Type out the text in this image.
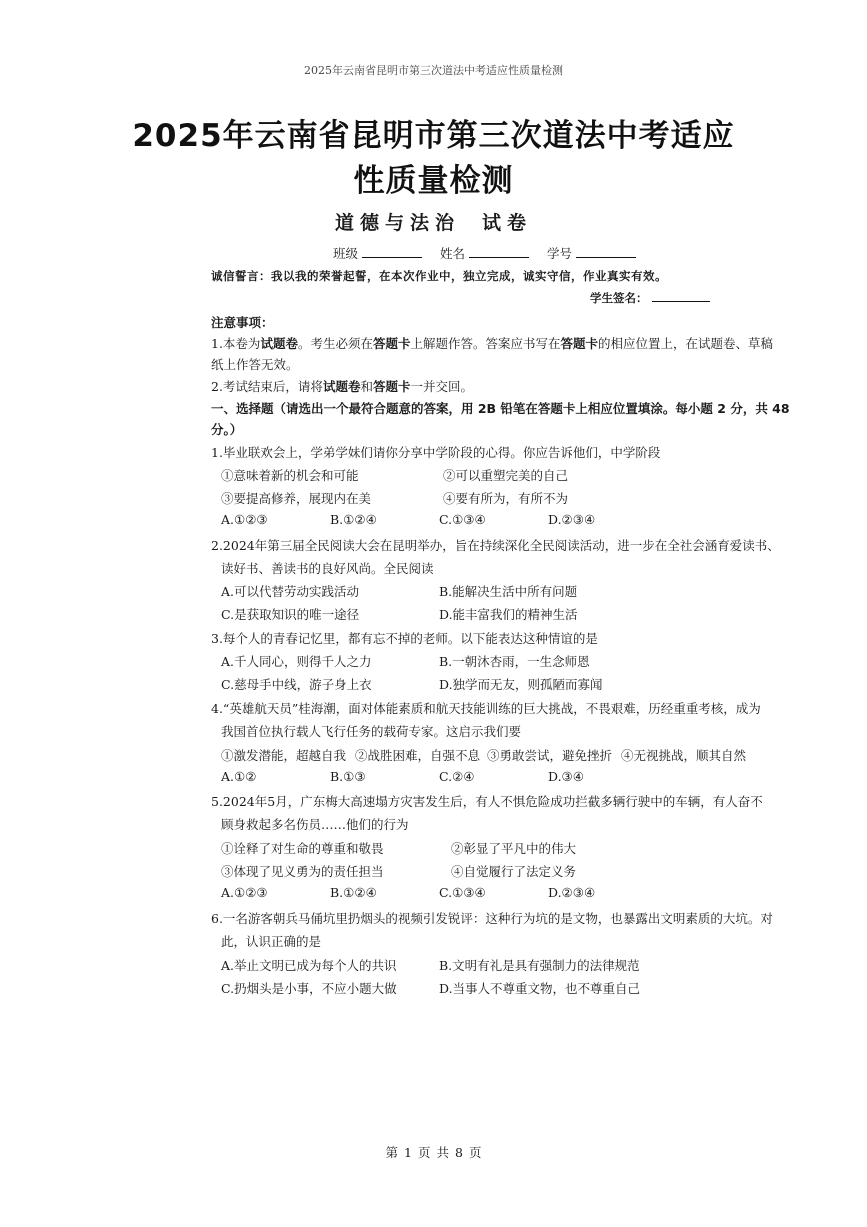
2025年云南省昆明市第三次道法中考适应性质量检测
2025年云南省昆明市第三次道法中考适应
性质量检测
道德与法治 试卷
班级	姓名	学号
诚信誓言：我以我的荣誉起誓，在本次作业中，独立完成，诚实守信，作业真实有效。
学生签名：
注意事项：
1.本卷为试题卷。考生必须在答题卡上解题作答。答案应书写在答题卡的相应位置上，在试题卷、草稿
纸上作答无效。
2.考试结束后，请将试题卷和答题卡一并交回。
一、选择题（请选出一个最符合题意的答案，用 2B 铅笔在答题卡上相应位置填涂。每小题 2 分，共 48
分。）
1.毕业联欢会上，学弟学妹们请你分享中学阶段的心得。你应告诉他们，中学阶段
①意味着新的机会和可能	②可以重塑完美的自己
③要提高修养，展现内在美	④要有所为，有所不为
A.①②③	B.①②④	C.①③④	D.②③④
2.2024年第三届全民阅读大会在昆明举办，旨在持续深化全民阅读活动，进一步在全社会涵育爱读书、
读好书、善读书的良好风尚。全民阅读
A.可以代替劳动实践活动	B.能解决生活中所有问题
C.是获取知识的唯一途径	D.能丰富我们的精神生活
3.每个人的青春记忆里，都有忘不掉的老师。以下能表达这种情谊的是
A.千人同心，则得千人之力	B.一朝沐杏雨，一生念师恩
C.慈母手中线，游子身上衣	D.独学而无友，则孤陋而寡闻
4.“英雄航天员”桂海潮，面对体能素质和航天技能训练的巨大挑战，不畏艰难，历经重重考核，成为
我国首位执行载人飞行任务的载荷专家。这启示我们要
①激发潜能，超越自我 ②战胜困难，自强不息 ③勇敢尝试，避免挫折 ④无视挑战，顺其自然
A.①②	B.①③	C.②④	D.③④
5.2024年5月，广东梅大高速塌方灾害发生后，有人不惧危险成功拦截多辆行驶中的车辆，有人奋不
顾身救起多名伤员……他们的行为
①诠释了对生命的尊重和敬畏	②彰显了平凡中的伟大
③体现了见义勇为的责任担当	④自觉履行了法定义务
A.①②③	B.①②④	C.①③④	D.②③④
6.一名游客朝兵马俑坑里扔烟头的视频引发锐评：这种行为坑的是文物，也暴露出文明素质的大坑。对
此，认识正确的是
A.举止文明已成为每个人的共识	B.文明有礼是具有强制力的法律规范
C.扔烟头是小事，不应小题大做	D.当事人不尊重文物，也不尊重自己
第 1 页 共 8 页
